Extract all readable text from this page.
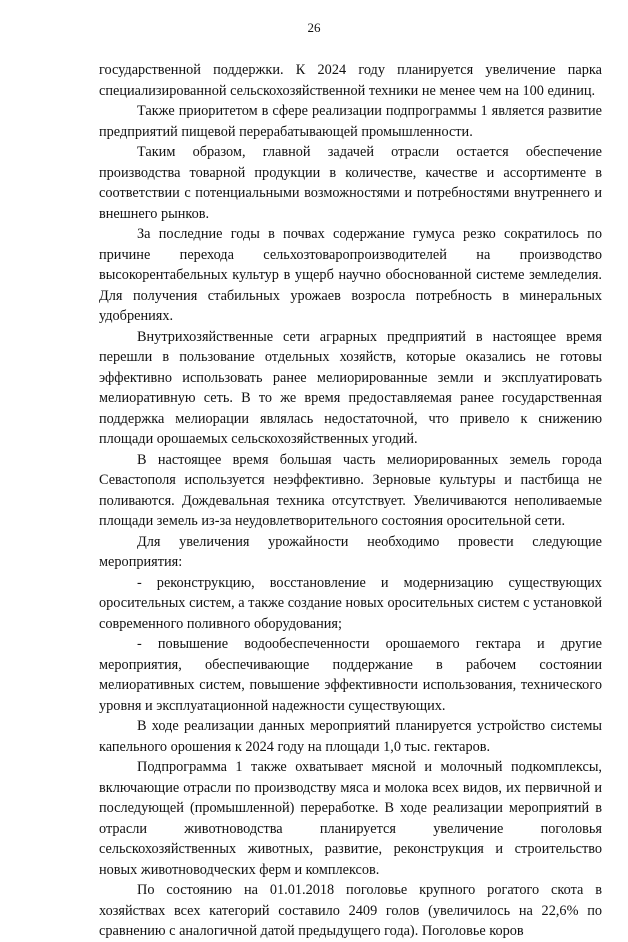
26

государственной поддержки. К 2024 году планируется увеличение парка специализированной сельскохозяйственной техники не менее чем на 100 единиц.

Также приоритетом в сфере реализации подпрограммы 1 является развитие предприятий пищевой перерабатывающей промышленности.

Таким образом, главной задачей отрасли остается обеспечение производства товарной продукции в количестве, качестве и ассортименте в соответствии с потенциальными возможностями и потребностями внутреннего и внешнего рынков.

За последние годы в почвах содержание гумуса резко сократилось по причине перехода сельхозтоваропроизводителей на производство высокорентабельных культур в ущерб научно обоснованной системе земледелия. Для получения стабильных урожаев возросла потребность в минеральных удобрениях.

Внутрихозяйственные сети аграрных предприятий в настоящее время перешли в пользование отдельных хозяйств, которые оказались не готовы эффективно использовать ранее мелиорированные земли и эксплуатировать мелиоративную сеть. В то же время предоставляемая ранее государственная поддержка мелиорации являлась недостаточной, что привело к снижению площади орошаемых сельскохозяйственных угодий.

В настоящее время большая часть мелиорированных земель города Севастополя используется неэффективно. Зерновые культуры и пастбища не поливаются. Дождевальная техника отсутствует. Увеличиваются неполиваемые площади земель из-за неудовлетворительного состояния оросительной сети.

Для увеличения урожайности необходимо провести следующие мероприятия:

- реконструкцию, восстановление и модернизацию существующих оросительных систем, а также создание новых оросительных систем с установкой современного поливного оборудования;

- повышение водообеспеченности орошаемого гектара и другие мероприятия, обеспечивающие поддержание в рабочем состоянии мелиоративных систем, повышение эффективности использования, технического уровня и эксплуатационной надежности существующих.

В ходе реализации данных мероприятий планируется устройство системы капельного орошения к 2024 году на площади 1,0 тыс. гектаров.

Подпрограмма 1 также охватывает мясной и молочный подкомплексы, включающие отрасли по производству мяса и молока всех видов, их первичной и последующей (промышленной) переработке. В ходе реализации мероприятий в отрасли животноводства планируется увеличение поголовья сельскохозяйственных животных, развитие, реконструкция и строительство новых животноводческих ферм и комплексов.

По состоянию на 01.01.2018 поголовье крупного рогатого скота в хозяйствах всех категорий составило 2409 голов (увеличилось на 22,6% по сравнению с аналогичной датой предыдущего года). Поголовье коров
